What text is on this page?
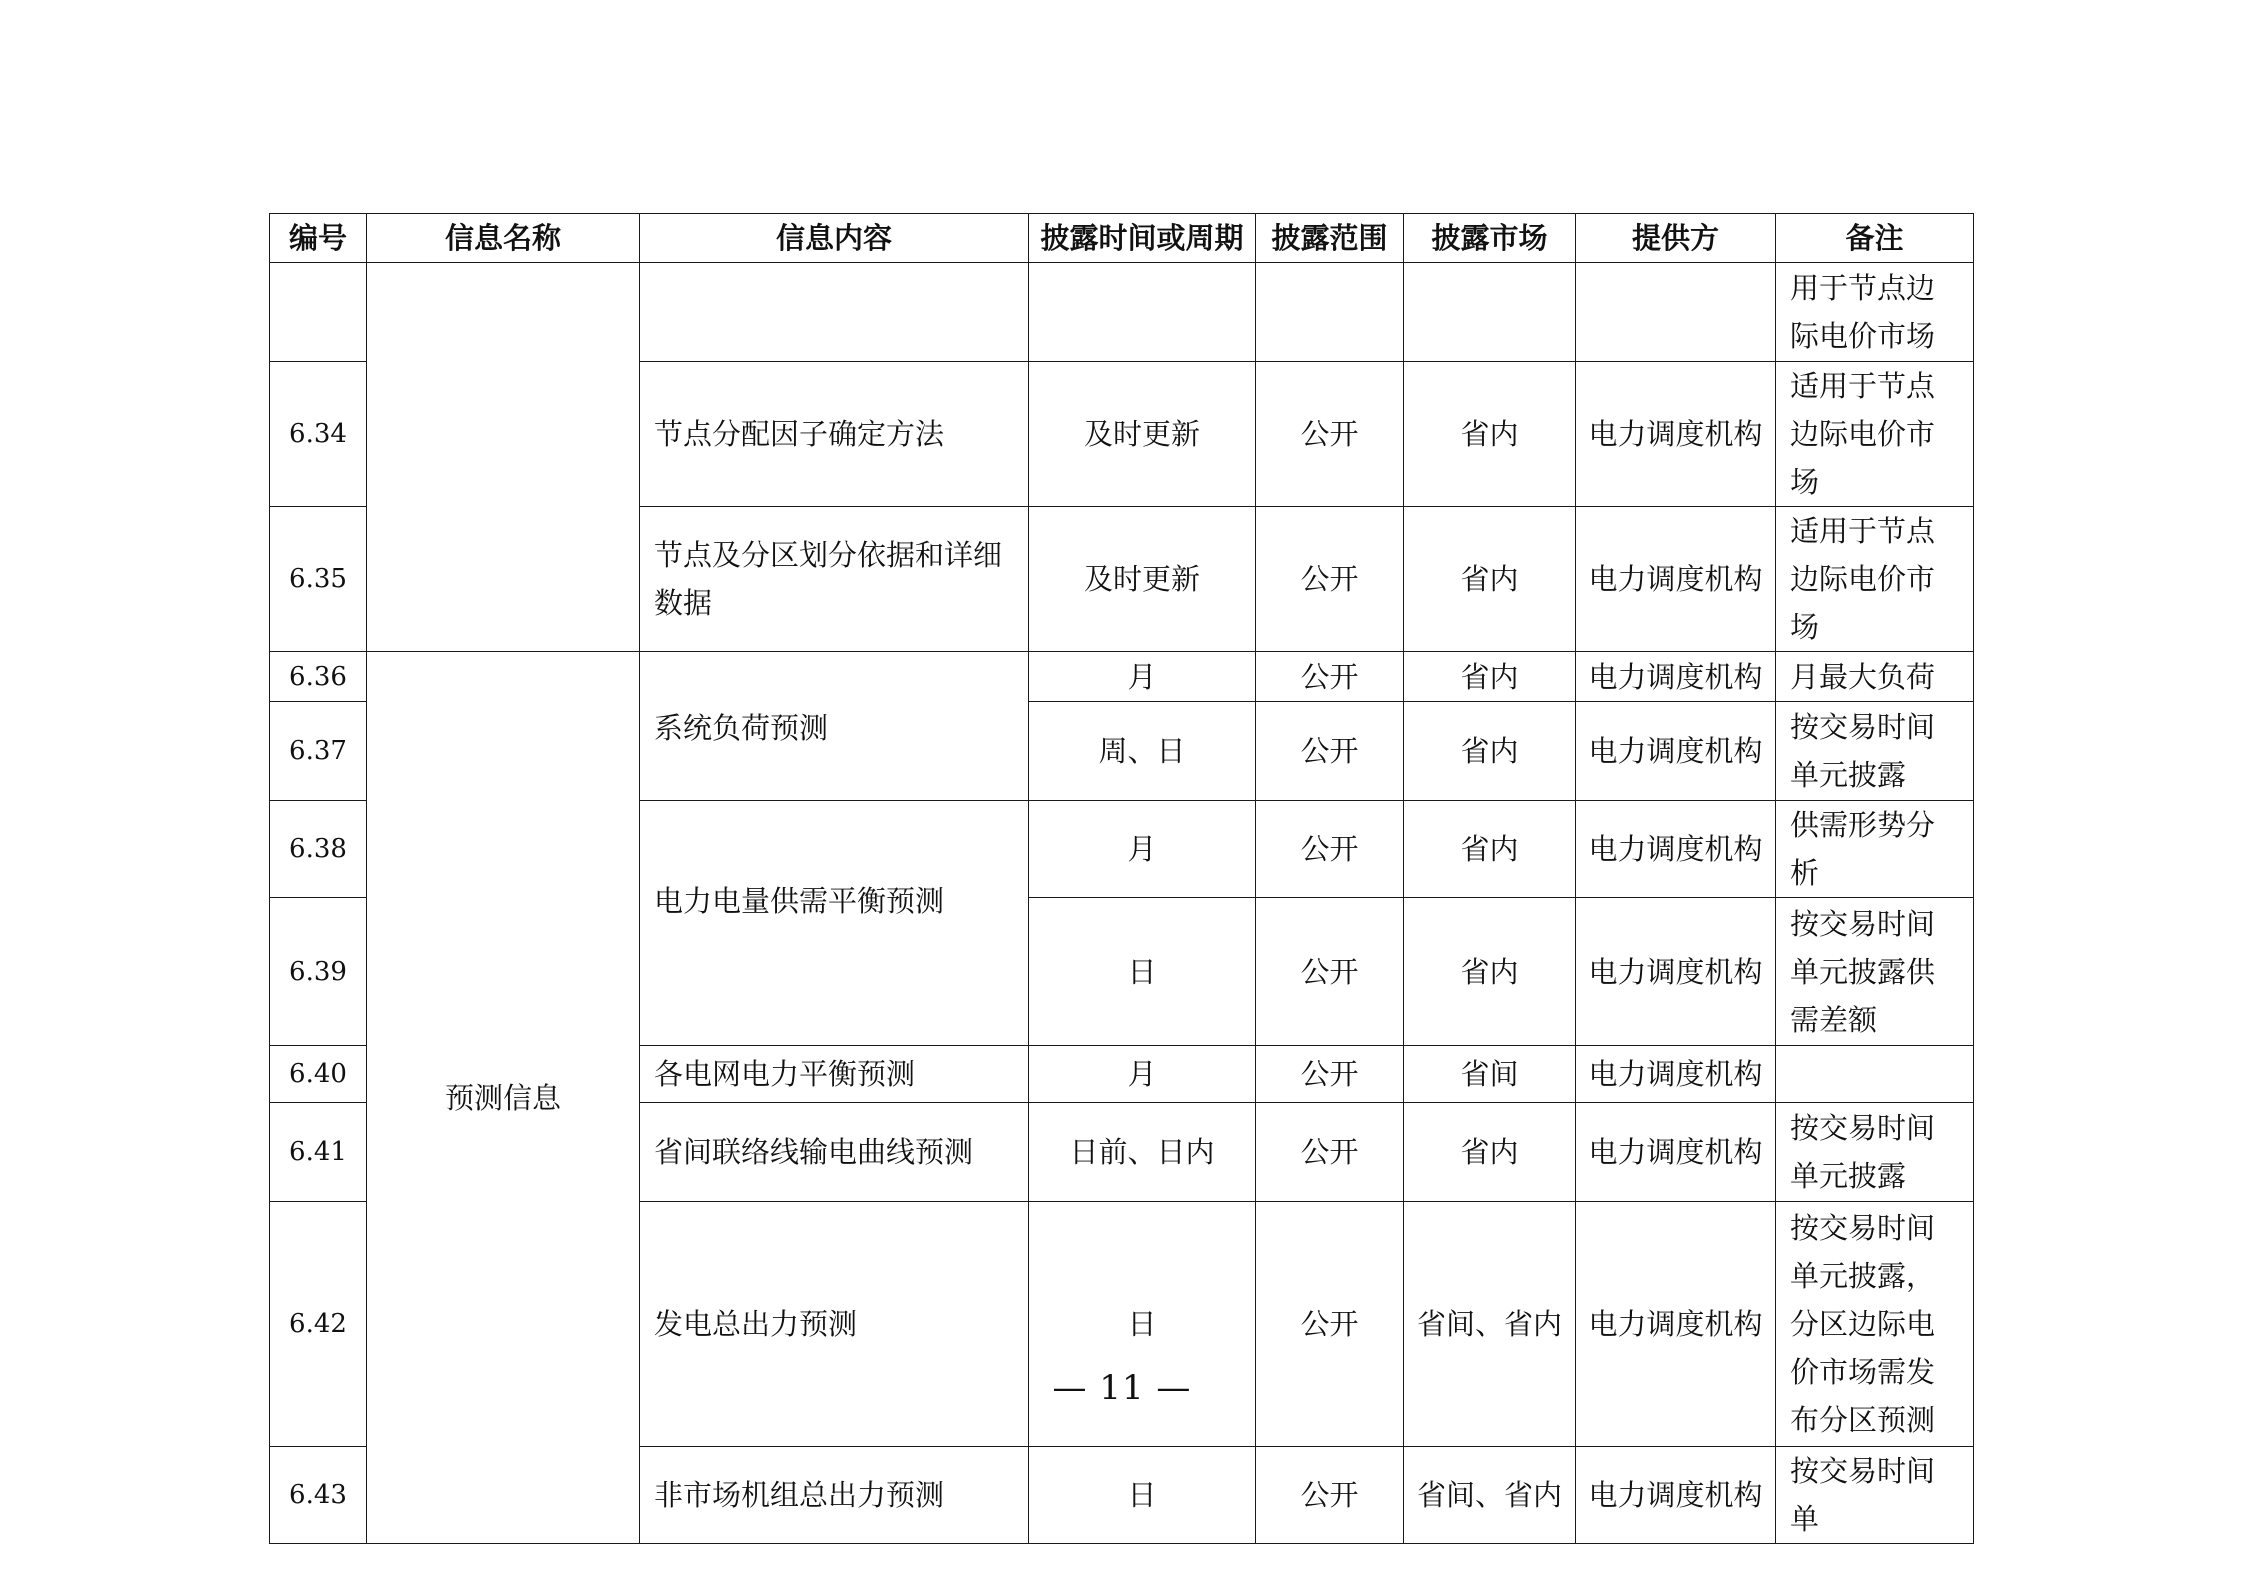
编号	信息名称	信息内容	披露时间或周期	披露范围	披露市场	提供方	备注
							用于节点边际电价市场
6.34		节点分配因子确定方法	及时更新	公开	省内	电力调度机构	适用于节点边际电价市场
6.35		节点及分区划分依据和详细数据	及时更新	公开	省内	电力调度机构	适用于节点边际电价市场
6.36	预测信息	系统负荷预测	月	公开	省内	电力调度机构	月最大负荷
6.37			周、日	公开	省内	电力调度机构	按交易时间单元披露
6.38		电力电量供需平衡预测	月	公开	省内	电力调度机构	供需形势分析
6.39			日	公开	省内	电力调度机构	按交易时间单元披露供需差额
6.40		各电网电力平衡预测	月	公开	省间	电力调度机构	
6.41		省间联络线输电曲线预测	日前、日内	公开	省内	电力调度机构	按交易时间单元披露
6.42		发电总出力预测	日	公开	省间、省内	电力调度机构	按交易时间单元披露，分区边际电价市场需发布分区预测
6.43		非市场机组总出力预测	日	公开	省间、省内	电力调度机构	按交易时间单
— 11 —
